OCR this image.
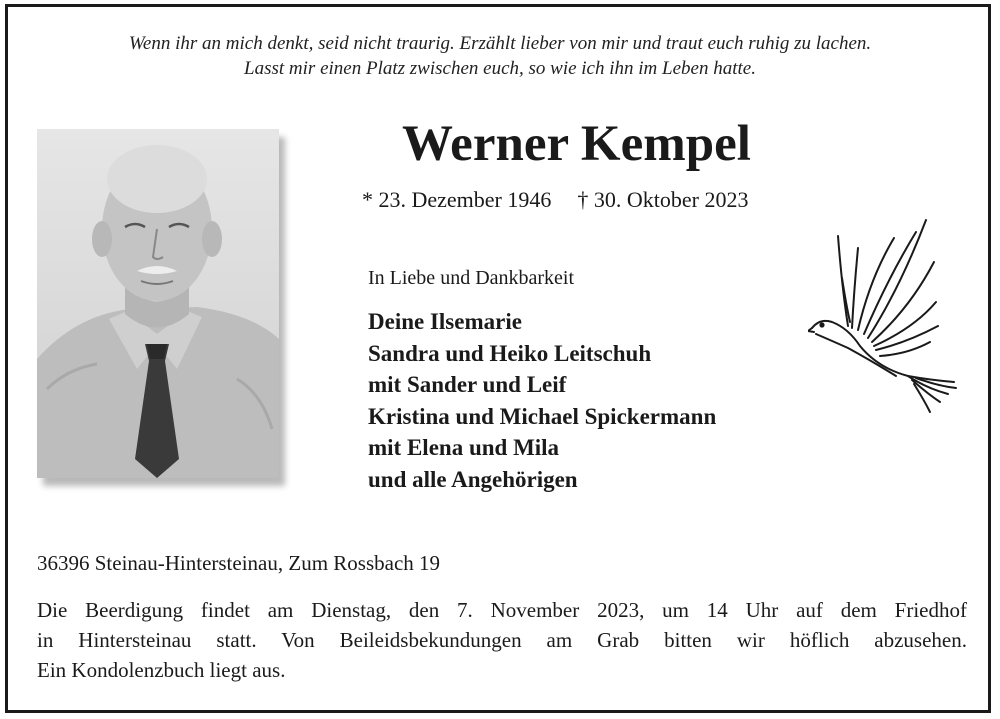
Wenn ihr an mich denkt, seid nicht traurig. Erzählt lieber von mir und traut euch ruhig zu lachen.
Lasst mir einen Platz zwischen euch, so wie ich ihn im Leben hatte.
Werner Kempel
* 23. Dezember 1946 † 30. Oktober 2023
In Liebe und Dankbarkeit
Deine Ilsemarie
Sandra und Heiko Leitschuh
mit Sander und Leif
Kristina und Michael Spickermann
mit Elena und Mila
und alle Angehörigen
36396 Steinau-Hintersteinau, Zum Rossbach 19
Die Beerdigung findet am Dienstag, den 7. November 2023, um 14 Uhr auf dem Friedhof
in Hintersteinau statt. Von Beileidsbekundungen am Grab bitten wir höflich abzusehen.
Ein Kondolenzbuch liegt aus.
